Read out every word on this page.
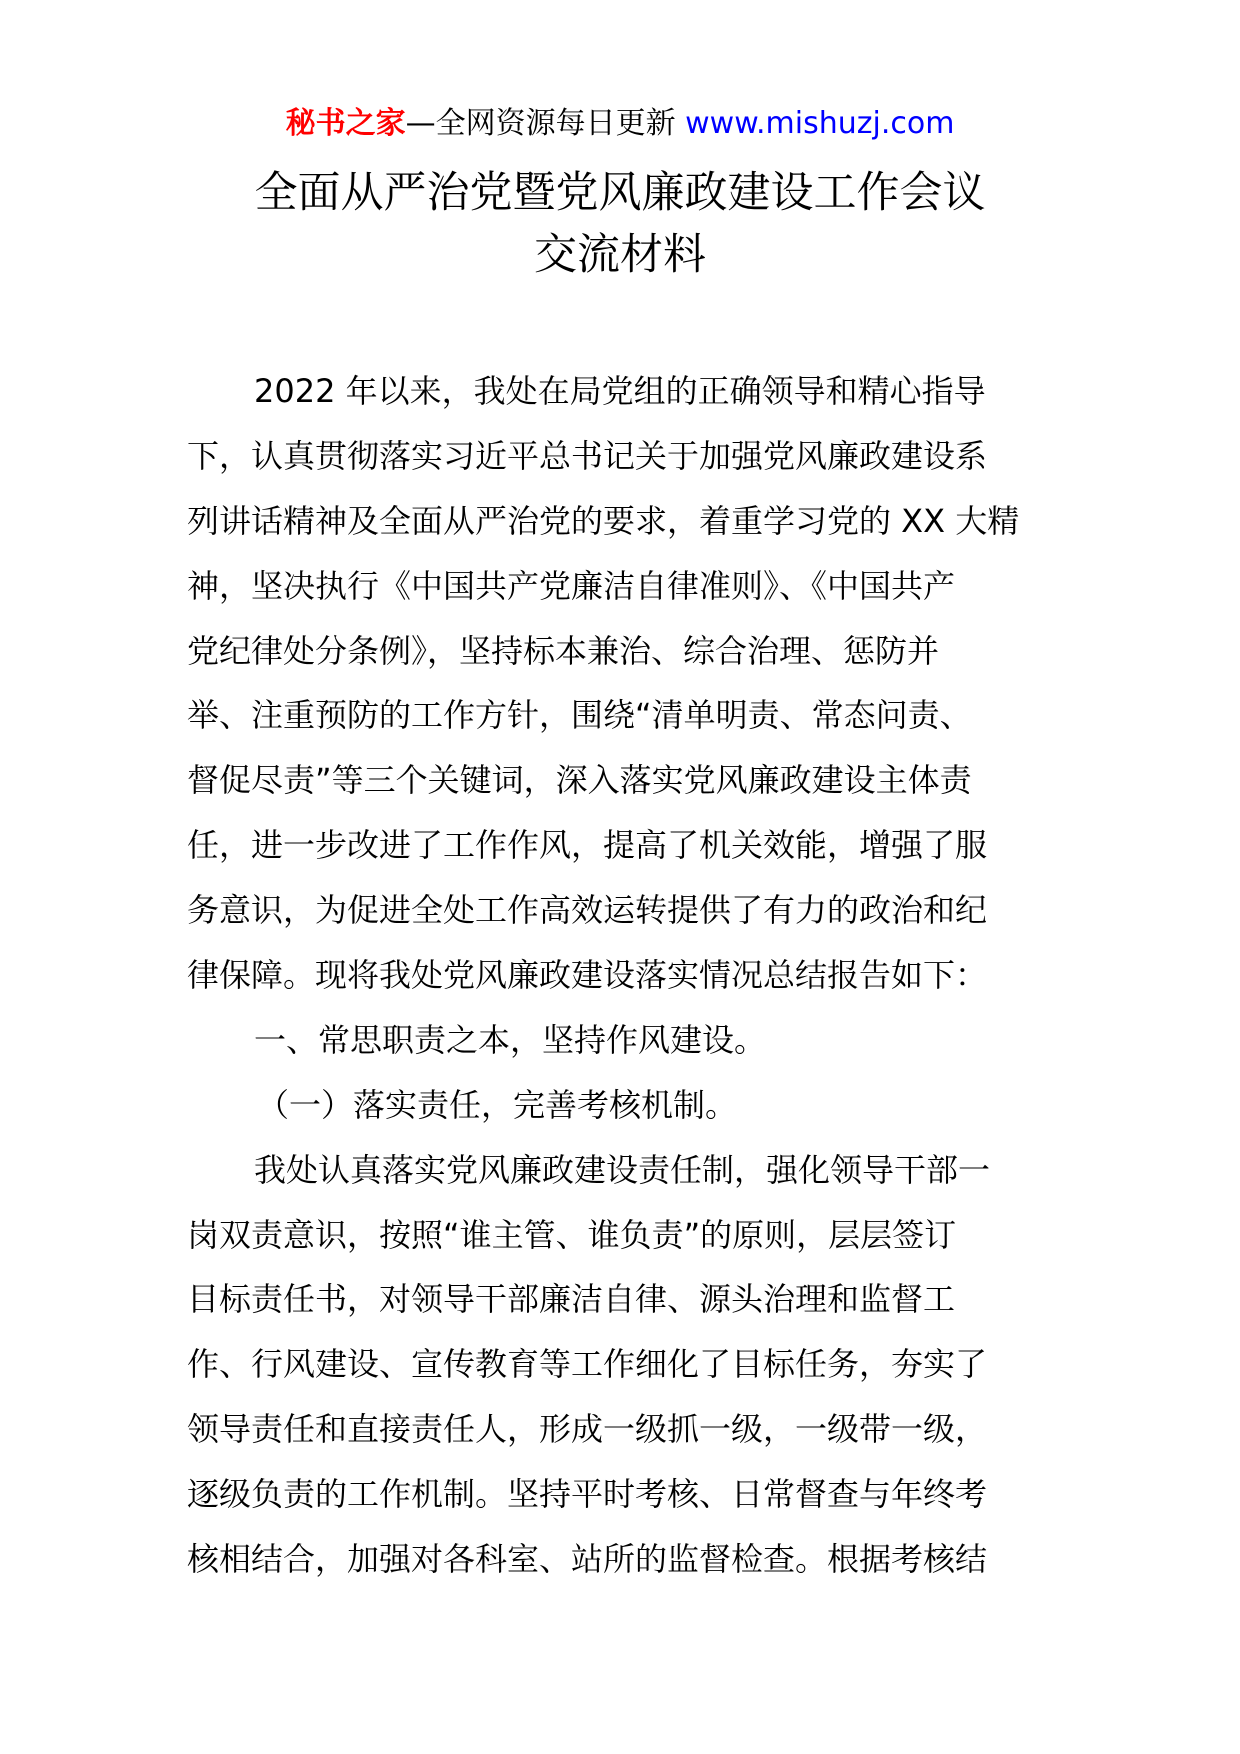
秘书之家—全网资源每日更新 www.mishuzj.com
全面从严治党暨党风廉政建设工作会议
交流材料
2022 年以来，我处在局党组的正确领导和精心指导
下，认真贯彻落实习近平总书记关于加强党风廉政建设系
列讲话精神及全面从严治党的要求，着重学习党的 XX 大精
神，坚决执行《中国共产党廉洁自律准则》、《中国共产
党纪律处分条例》，坚持标本兼治、综合治理、惩防并
举、注重预防的工作方针，围绕“清单明责、常态问责、
督促尽责”等三个关键词，深入落实党风廉政建设主体责
任，进一步改进了工作作风，提高了机关效能，增强了服
务意识，为促进全处工作高效运转提供了有力的政治和纪
律保障。现将我处党风廉政建设落实情况总结报告如下：
一、常思职责之本，坚持作风建设。
（一）落实责任，完善考核机制。
我处认真落实党风廉政建设责任制，强化领导干部一
岗双责意识，按照“谁主管、谁负责”的原则，层层签订
目标责任书，对领导干部廉洁自律、源头治理和监督工
作、行风建设、宣传教育等工作细化了目标任务，夯实了
领导责任和直接责任人，形成一级抓一级，一级带一级，
逐级负责的工作机制。坚持平时考核、日常督查与年终考
核相结合，加强对各科室、站所的监督检查。根据考核结
